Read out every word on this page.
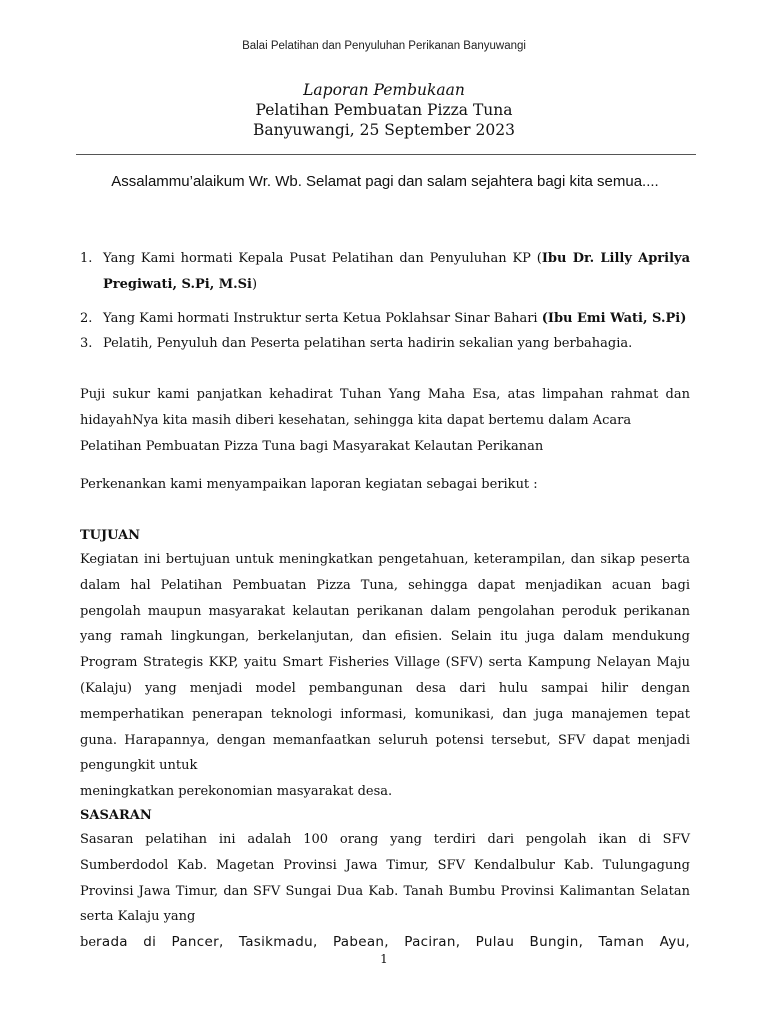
Balai Pelatihan dan Penyuluhan Perikanan Banyuwangi
Laporan Pembukaan
Pelatihan Pembuatan Pizza Tuna
Banyuwangi, 25 September 2023
Assalammu’alaikum Wr. Wb. Selamat pagi dan salam sejahtera bagi kita semua....
1. Yang Kami hormati Kepala Pusat Pelatihan dan Penyuluhan KP (Ibu Dr. Lilly Aprilya Pregiwati, S.Pi, M.Si)
2. Yang Kami hormati Instruktur serta Ketua Poklahsar Sinar Bahari (Ibu Emi Wati, S.Pi)
3. Pelatih, Penyuluh dan Peserta pelatihan serta hadirin sekalian yang berbahagia.
Puji sukur kami panjatkan kehadirat Tuhan Yang Maha Esa, atas limpahan rahmat dan hidayahNya kita masih diberi kesehatan, sehingga kita dapat bertemu dalam Acara
Pelatihan Pembuatan Pizza Tuna bagi Masyarakat Kelautan Perikanan
Perkenankan kami menyampaikan laporan kegiatan sebagai berikut :
TUJUAN
Kegiatan ini bertujuan untuk meningkatkan pengetahuan, keterampilan, dan sikap peserta dalam hal Pelatihan Pembuatan Pizza Tuna, sehingga dapat menjadikan acuan bagi pengolah maupun masyarakat kelautan perikanan dalam pengolahan peroduk perikanan yang ramah lingkungan, berkelanjutan, dan efisien. Selain itu juga dalam mendukung Program Strategis KKP, yaitu Smart Fisheries Village (SFV) serta Kampung Nelayan Maju (Kalaju) yang menjadi model pembangunan desa dari hulu sampai hilir dengan memperhatikan penerapan teknologi informasi, komunikasi, dan juga manajemen tepat guna. Harapannya, dengan memanfaatkan seluruh potensi tersebut, SFV dapat menjadi pengungkit untuk
meningkatkan perekonomian masyarakat desa.
SASARAN
Sasaran pelatihan ini adalah 100 orang yang terdiri dari pengolah ikan di SFV Sumberdodol Kab. Magetan Provinsi Jawa Timur, SFV Kendalbulur Kab. Tulungagung Provinsi Jawa Timur, dan SFV Sungai Dua Kab. Tanah Bumbu Provinsi Kalimantan Selatan serta Kalaju yang
berada di Pancer, Tasikmadu, Pabean, Paciran, Pulau Bungin, Taman Ayu,
1
